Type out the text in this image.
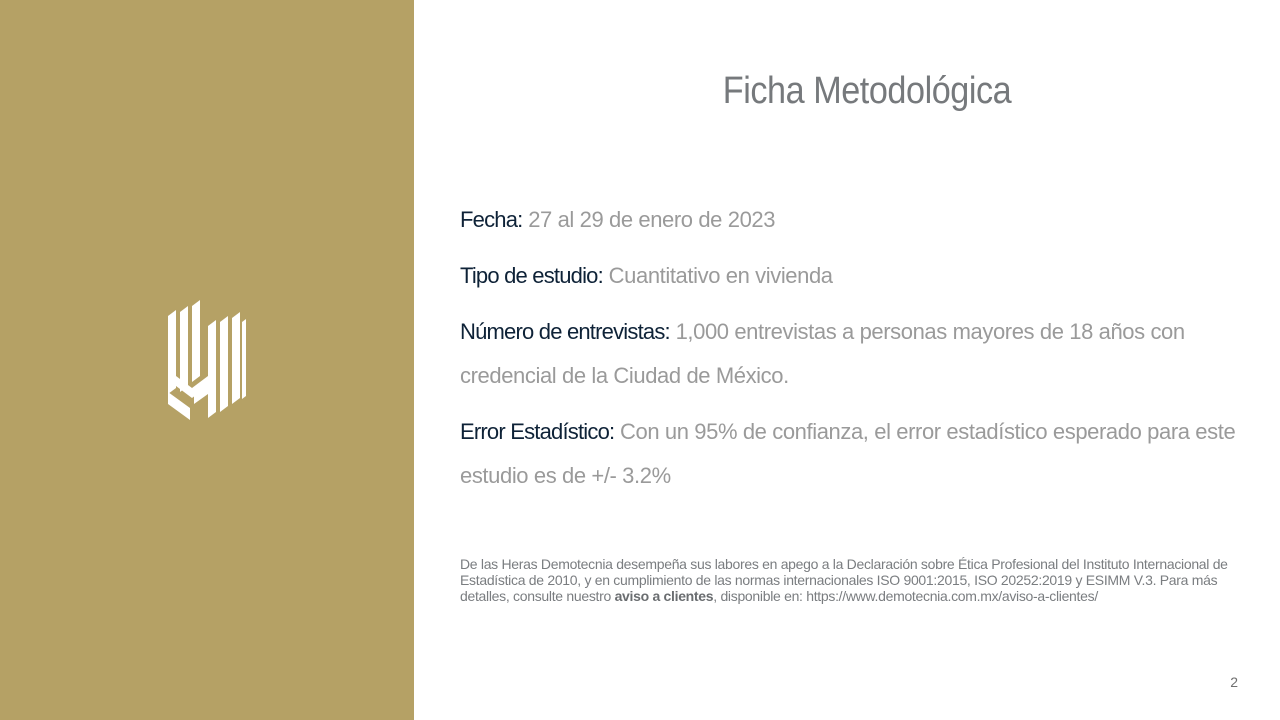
Ficha Metodológica
Fecha: 27 al 29 de enero de 2023
Tipo de estudio: Cuantitativo en vivienda
Número de entrevistas: 1,000 entrevistas a personas mayores de 18 años con credencial de la Ciudad de México.
Error Estadístico: Con un 95% de confianza, el error estadístico esperado para este estudio es de +/- 3.2%
De las Heras Demotecnia desempeña sus labores en apego a la Declaración sobre Ética Profesional del Instituto Internacional de Estadística de 2010, y en cumplimiento de las normas internacionales ISO 9001:2015, ISO 20252:2019 y ESIMM V.3. Para más detalles, consulte nuestro aviso a clientes, disponible en: https://www.demotecnia.com.mx/aviso-a-clientes/
2
